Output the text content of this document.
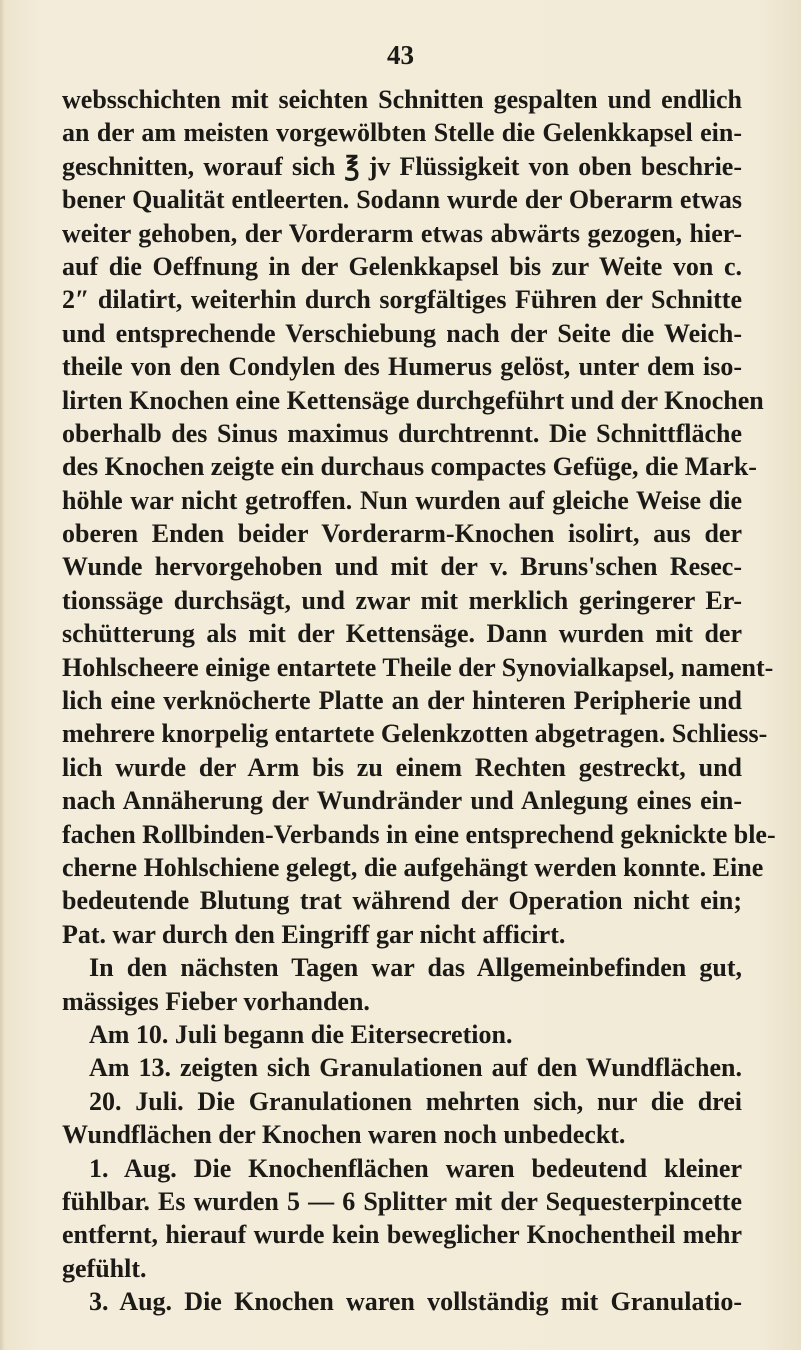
43
websschichten mit seichten Schnitten gespalten und endlich
an der am meisten vorgewölbten Stelle die Gelenkkapsel ein-
geschnitten, worauf sich ℥ jv Flüssigkeit von oben beschrie-
bener Qualität entleerten. Sodann wurde der Oberarm etwas
weiter gehoben, der Vorderarm etwas abwärts gezogen, hier-
auf die Oeffnung in der Gelenkkapsel bis zur Weite von c.
2″ dilatirt, weiterhin durch sorgfältiges Führen der Schnitte
und entsprechende Verschiebung nach der Seite die Weich-
theile von den Condylen des Humerus gelöst, unter dem iso-
lirten Knochen eine Kettensäge durchgeführt und der Knochen
oberhalb des Sinus maximus durchtrennt. Die Schnittfläche
des Knochen zeigte ein durchaus compactes Gefüge, die Mark-
höhle war nicht getroffen. Nun wurden auf gleiche Weise die
oberen Enden beider Vorderarm-Knochen isolirt, aus der
Wunde hervorgehoben und mit der v. Bruns'schen Resec-
tionssäge durchsägt, und zwar mit merklich geringerer Er-
schütterung als mit der Kettensäge. Dann wurden mit der
Hohlscheere einige entartete Theile der Synovialkapsel, nament-
lich eine verknöcherte Platte an der hinteren Peripherie und
mehrere knorpelig entartete Gelenkzotten abgetragen. Schliess-
lich wurde der Arm bis zu einem Rechten gestreckt, und
nach Annäherung der Wundränder und Anlegung eines ein-
fachen Rollbinden-Verbands in eine entsprechend geknickte ble-
cherne Hohlschiene gelegt, die aufgehängt werden konnte. Eine
bedeutende Blutung trat während der Operation nicht ein;
Pat. war durch den Eingriff gar nicht afficirt.
In den nächsten Tagen war das Allgemeinbefinden gut,
mässiges Fieber vorhanden.
Am 10. Juli begann die Eitersecretion.
Am 13. zeigten sich Granulationen auf den Wundflächen.
20. Juli. Die Granulationen mehrten sich, nur die drei
Wundflächen der Knochen waren noch unbedeckt.
1. Aug. Die Knochenflächen waren bedeutend kleiner
fühlbar. Es wurden 5 — 6 Splitter mit der Sequesterpincette
entfernt, hierauf wurde kein beweglicher Knochentheil mehr
gefühlt.
3. Aug. Die Knochen waren vollständig mit Granulatio-
